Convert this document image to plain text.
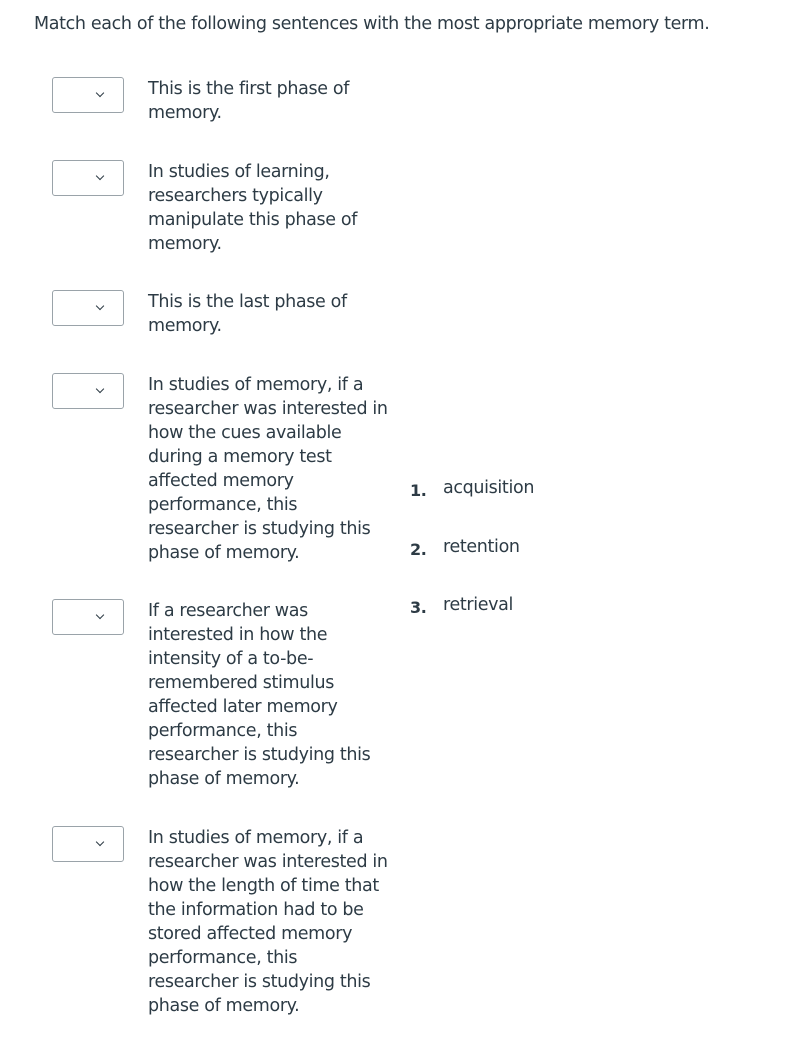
Match each of the following sentences with the most appropriate memory term.
This is the first phase of memory.
In studies of learning, researchers typically manipulate this phase of memory.
This is the last phase of memory.
In studies of memory, if a researcher was interested in how the cues available during a memory test affected memory performance, this researcher is studying this phase of memory.
If a researcher was interested in how the intensity of a to-be-remembered stimulus affected later memory performance, this researcher is studying this phase of memory.
In studies of memory, if a researcher was interested in how the length of time that the information had to be stored affected memory performance, this researcher is studying this phase of memory.
1. acquisition
2. retention
3. retrieval
